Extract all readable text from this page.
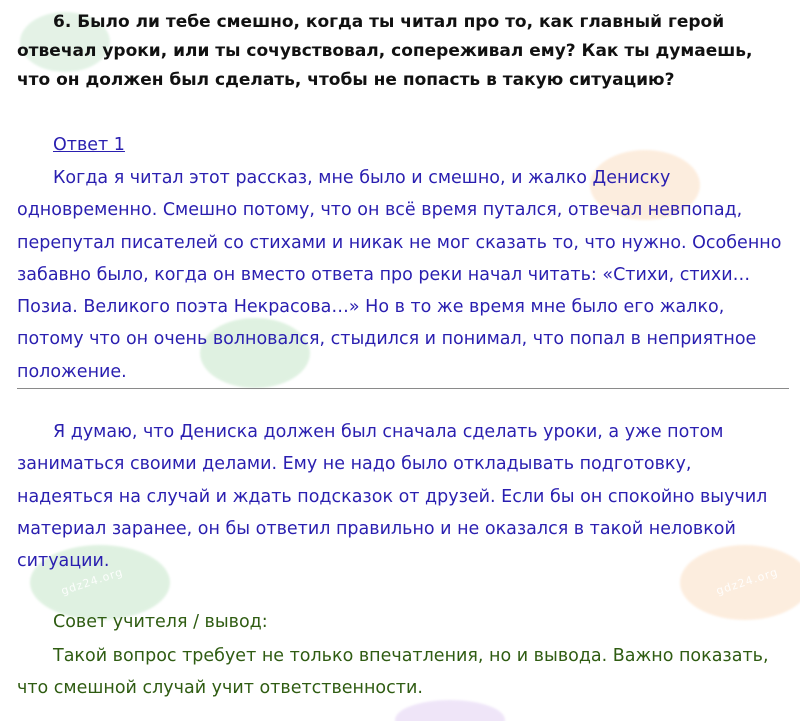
gdz24.org	gdz24.org
6. Было ли тебе смешно, когда ты читал про то, как главный герой отвечал уроки, или ты сочувствовал, сопереживал ему? Как ты думаешь, что он должен был сделать, чтобы не попасть в такую ситуацию?
Ответ 1
Когда я читал этот рассказ, мне было и смешно, и жалко Дениску одновременно. Смешно потому, что он всё время путался, отвечал невпопад, перепутал писателей со стихами и никак не мог сказать то, что нужно. Особенно забавно было, когда он вместо ответа про реки начал читать: «Стихи, стихи… Позиа. Великого поэта Некрасова…» Но в то же время мне было его жалко, потому что он очень волновался, стыдился и понимал, что попал в неприятное положение.
Я думаю, что Дениска должен был сначала сделать уроки, а уже потом заниматься своими делами. Ему не надо было откладывать подготовку, надеяться на случай и ждать подсказок от друзей. Если бы он спокойно выучил материал заранее, он бы ответил правильно и не оказался в такой неловкой ситуации.
Совет учителя / вывод:
Такой вопрос требует не только впечатления, но и вывода. Важно показать, что смешной случай учит ответственности.
